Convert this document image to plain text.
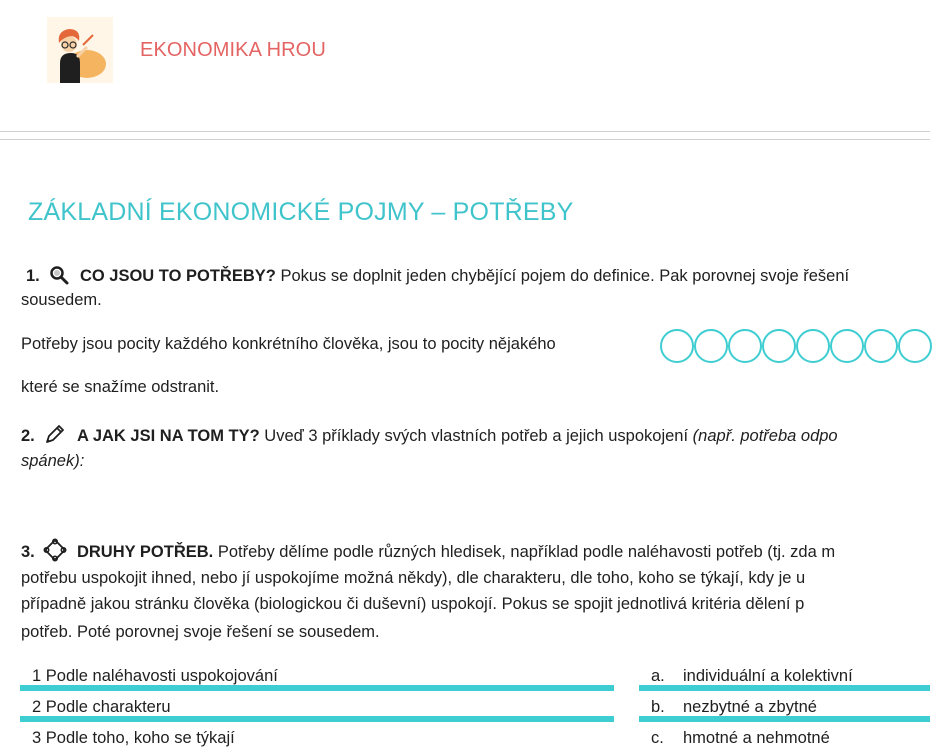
EKONOMIKA HROU
ZÁKLADNÍ EKONOMICKÉ POJMY – POTŘEBY
1. CO JSOU TO POTŘEBY? Pokus se doplnit jeden chybějící pojem do definice. Pak porovnej svoje řešení
sousedem.
Potřeby jsou pocity každého konkrétního člověka, jsou to pocity nějakého
které se snažíme odstranit.
2.	A JAK JSI NA TOM TY? Uveď 3 příklady svých vlastních potřeb a jejich uspokojení (např. potřeba odpo
spánek):
3.	DRUHY POTŘEB. Potřeby dělíme podle různých hledisek, například podle naléhavosti potřeb (tj. zda m
potřebu uspokojit ihned, nebo jí uspokojíme možná někdy), dle charakteru, dle toho, koho se týkají, kdy je u
případně jakou stránku člověka (biologickou či duševní) uspokojí. Pokus se spojit jednotlivá kritéria dělení p
potřeb. Poté porovnej svoje řešení se sousedem.
1 Podle naléhavosti uspokojování
2 Podle charakteru
3 Podle toho, koho se týkají
a. individuální a kolektivní
b. nezbytné a zbytné
c. hmotné a nehmotné
